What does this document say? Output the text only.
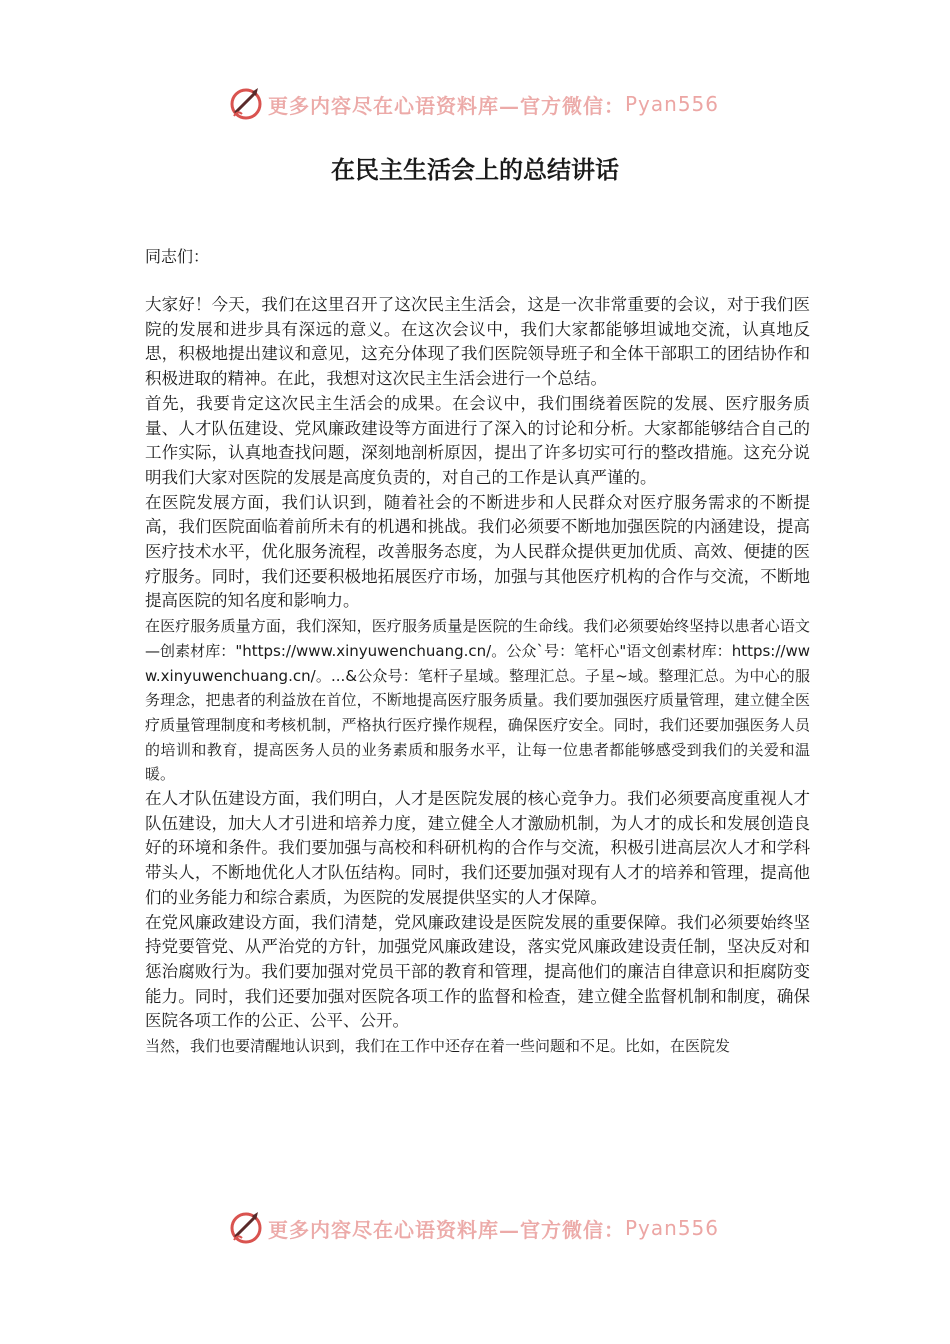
更多内容尽在心语资料库—官方微信： Pyan556
在民主生活会上的总结讲话

同志们：

大家好！今天，我们在这里召开了这次民主生活会，这是一次非常重要的会议，对于我们医院的发展和进步具有深远的意义。在这次会议中，我们大家都能够坦诚地交流，认真地反思，积极地提出建议和意见，这充分体现了我们医院领导班子和全体干部职工的团结协作和积极进取的精神。在此，我想对这次民主生活会进行一个总结。

首先，我要肯定这次民主生活会的成果。在会议中，我们围绕着医院的发展、医疗服务质量、人才队伍建设、党风廉政建设等方面进行了深入的讨论和分析。大家都能够结合自己的工作实际，认真地查找问题，深刻地剖析原因，提出了许多切实可行的整改措施。这充分说明我们大家对医院的发展是高度负责的，对自己的工作是认真严谨的。

在医院发展方面，我们认识到，随着社会的不断进步和人民群众对医疗服务需求的不断提高，我们医院面临着前所未有的机遇和挑战。我们必须要不断地加强医院的内涵建设，提高医疗技术水平，优化服务流程，改善服务态度，为人民群众提供更加优质、高效、便捷的医疗服务。同时，我们还要积极地拓展医疗市场，加强与其他医疗机构的合作与交流，不断地提高医院的知名度和影响力。

在医疗服务质量方面，我们深知，医疗服务质量是医院的生命线。我们必须要始终坚持以患者心语文—创素材库："https://www.xinyuwenchuang.cn/。公众`号：笔杆心"语文创素材库：https://www.xinyuwenchuang.cn/。...&公众号：笔杆子星域。整理汇总。子星~域。整理汇总。为中心的服务理念，把患者的利益放在首位，不断地提高医疗服务质量。我们要加强医疗质量管理，建立健全医疗质量管理制度和考核机制，严格执行医疗操作规程，确保医疗安全。同时，我们还要加强医务人员的培训和教育，提高医务人员的业务素质和服务水平，让每一位患者都能够感受到我们的关爱和温暖。

在人才队伍建设方面，我们明白，人才是医院发展的核心竞争力。我们必须要高度重视人才队伍建设，加大人才引进和培养力度，建立健全人才激励机制，为人才的成长和发展创造良好的环境和条件。我们要加强与高校和科研机构的合作与交流，积极引进高层次人才和学科带头人，不断地优化人才队伍结构。同时，我们还要加强对现有人才的培养和管理，提高他们的业务能力和综合素质，为医院的发展提供坚实的人才保障。

在党风廉政建设方面，我们清楚，党风廉政建设是医院发展的重要保障。我们必须要始终坚持党要管党、从严治党的方针，加强党风廉政建设，落实党风廉政建设责任制，坚决反对和惩治腐败行为。我们要加强对党员干部的教育和管理，提高他们的廉洁自律意识和拒腐防变能力。同时，我们还要加强对医院各项工作的监督和检查，建立健全监督机制和制度，确保医院各项工作的公正、公平、公开。

当然，我们也要清醒地认识到，我们在工作中还存在着一些问题和不足。比如，在医院发

更多内容尽在心语资料库—官方微信： Pyan556
